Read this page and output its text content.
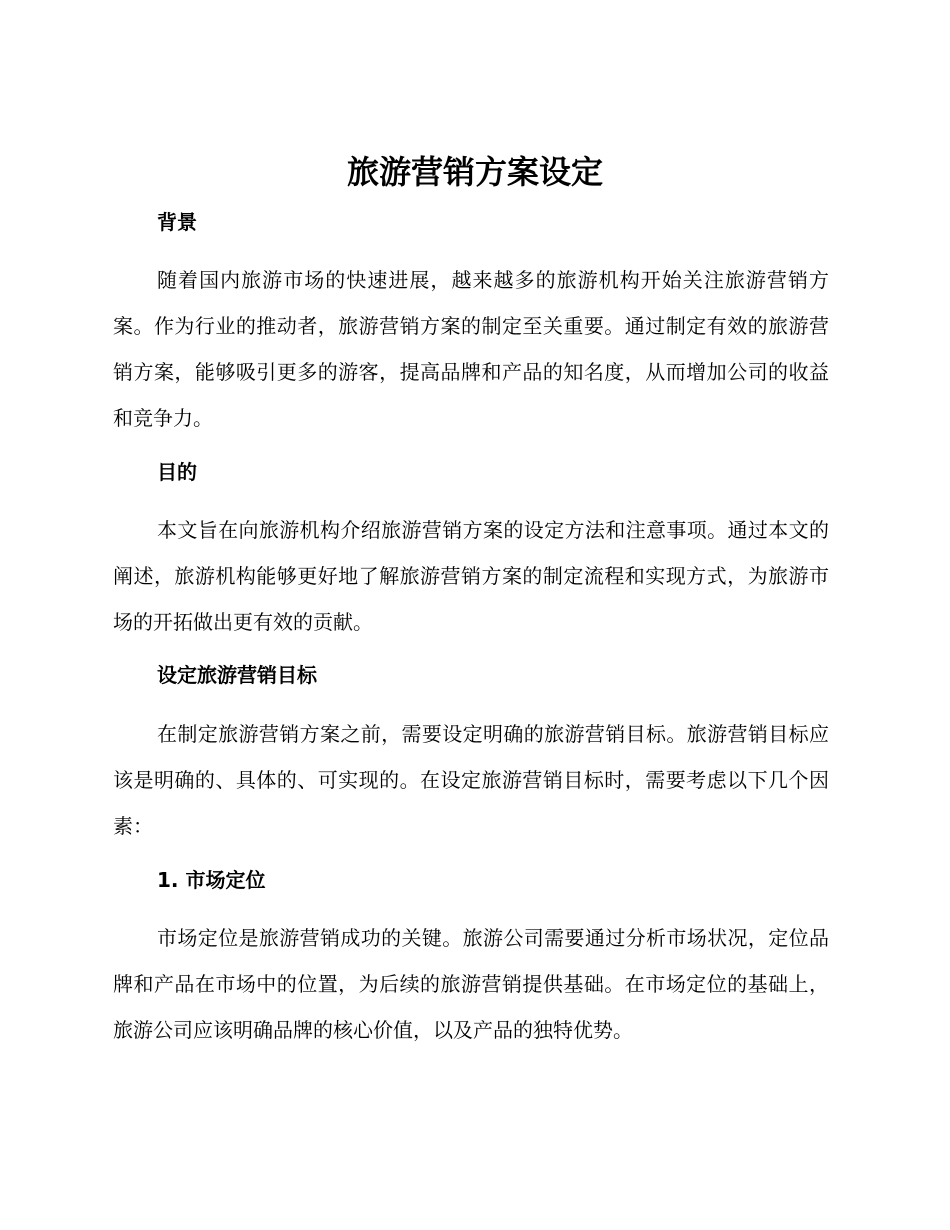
旅游营销方案设定
背景

随着国内旅游市场的快速进展，越来越多的旅游机构开始关注旅游营销方案。作为行业的推动者，旅游营销方案的制定至关重要。通过制定有效的旅游营销方案，能够吸引更多的游客，提高品牌和产品的知名度，从而增加公司的收益和竞争力。

目的

本文旨在向旅游机构介绍旅游营销方案的设定方法和注意事项。通过本文的阐述，旅游机构能够更好地了解旅游营销方案的制定流程和实现方式，为旅游市场的开拓做出更有效的贡献。

设定旅游营销目标

在制定旅游营销方案之前，需要设定明确的旅游营销目标。旅游营销目标应该是明确的、具体的、可实现的。在设定旅游营销目标时，需要考虑以下几个因素：

1. 市场定位

市场定位是旅游营销成功的关键。旅游公司需要通过分析市场状况，定位品牌和产品在市场中的位置，为后续的旅游营销提供基础。在市场定位的基础上，旅游公司应该明确品牌的核心价值，以及产品的独特优势。
